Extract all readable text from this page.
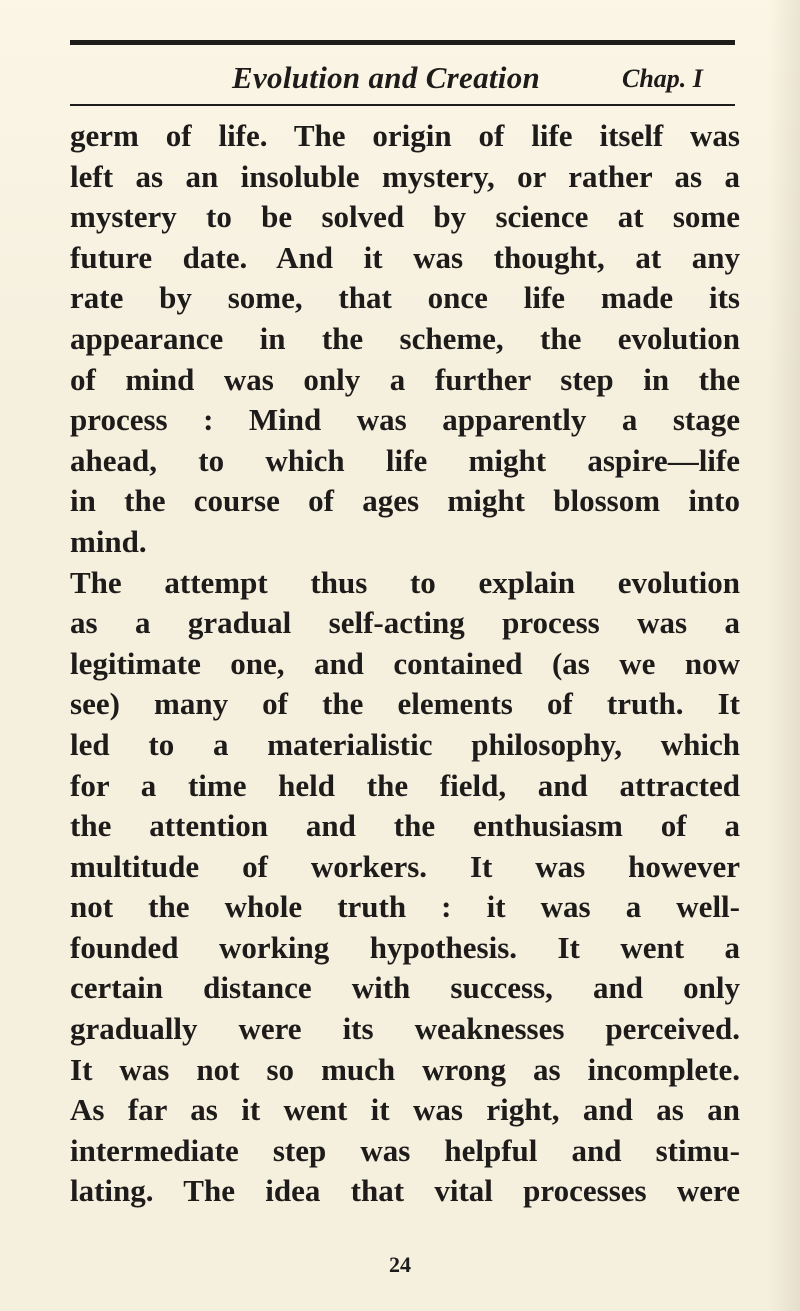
Evolution and Creation	Chap. I
germ of life. The origin of life itself was
left as an insoluble mystery, or rather as a
mystery to be solved by science at some
future date. And it was thought, at any
rate by some, that once life made its
appearance in the scheme, the evolution
of mind was only a further step in the
process : Mind was apparently a stage
ahead, to which life might aspire—life
in the course of ages might blossom into
mind.
The attempt thus to explain evolution
as a gradual self-acting process was a
legitimate one, and contained (as we now
see) many of the elements of truth. It
led to a materialistic philosophy, which
for a time held the field, and attracted
the attention and the enthusiasm of a
multitude of workers. It was however
not the whole truth : it was a well-
founded working hypothesis. It went a
certain distance with success, and only
gradually were its weaknesses perceived.
It was not so much wrong as incomplete.
As far as it went it was right, and as an
intermediate step was helpful and stimu-
lating. The idea that vital processes were
24
